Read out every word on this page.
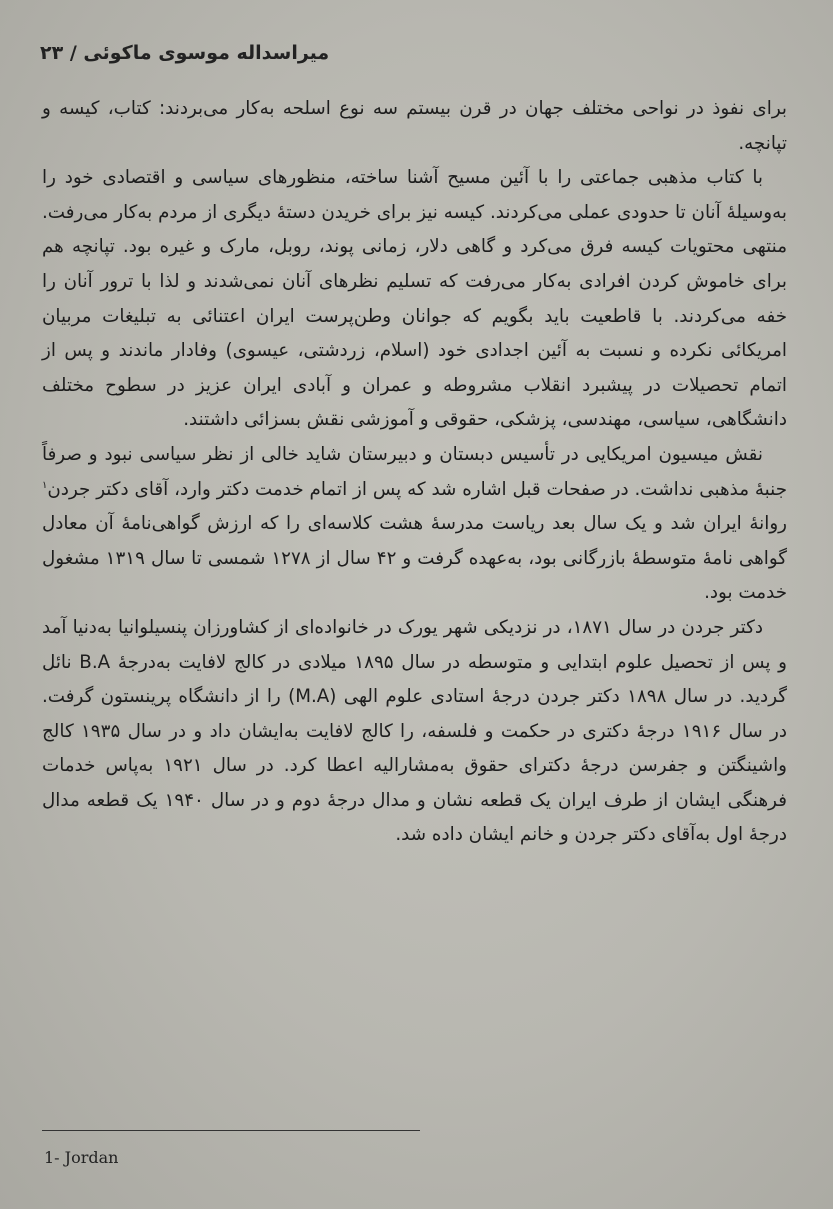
میراسداله موسوی ماکوئی / ۲۳

برای نفوذ در نواحی مختلف جهان در قرن بیستم سه نوع اسلحه به‌کار می‌بردند: کتاب، کیسه و تپانچه.

با کتاب مذهبی جماعتی را با آئین مسیح آشنا ساخته، منظورهای سیاسی و اقتصادی خود را به‌وسیلهٔ آنان تا حدودی عملی می‌کردند. کیسه نیز برای خریدن دستهٔ دیگری از مردم به‌کار می‌رفت. منتهی محتویات کیسه فرق می‌کرد و گاهی دلار، زمانی پوند، روبل، مارک و غیره بود. تپانچه هم برای خاموش کردن افرادی به‌کار می‌رفت که تسلیم نظرهای آنان نمی‌شدند و لذا با ترور آنان را خفه می‌کردند. با قاطعیت باید بگویم که جوانان وطن‌پرست ایران اعتنائی به تبلیغات مربیان امریکائی نکرده و نسبت به آئین اجدادی خود (اسلام، زردشتی، عیسوی) وفادار ماندند و پس از اتمام تحصیلات در پیشبرد انقلاب مشروطه و عمران و آبادی ایران عزیز در سطوح مختلف دانشگاهی، سیاسی، مهندسی، پزشکی، حقوقی و آموزشی نقش بسزائی داشتند.

نقش میسیون امریکایی در تأسیس دبستان و دبیرستان شاید خالی از نظر سیاسی نبود و صرفاً جنبهٔ مذهبی نداشت. در صفحات قبل اشاره شد که پس از اتمام خدمت دکتر وارد، آقای دکتر جردن$^۱$ روانهٔ ایران شد و یک سال بعد ریاست مدرسهٔ هشت کلاسه‌ای را که ارزش گواهی‌نامهٔ آن معادل گواهی نامهٔ متوسطهٔ بازرگانی بود، به‌عهده گرفت و ۴۲ سال از ۱۲۷۸ شمسی تا سال ۱۳۱۹ مشغول خدمت بود.

دکتر جردن در سال ۱۸۷۱، در نزدیکی شهر یورک در خانواده‌ای از کشاورزان پنسیلوانیا به‌دنیا آمد و پس از تحصیل علوم ابتدایی و متوسطه در سال ۱۸۹۵ میلادی در کالج لافایت به‌درجهٔ B.A نائل گردید. در سال ۱۸۹۸ دکتر جردن درجهٔ استادی علوم الهی (M.A) را از دانشگاه پرینستون گرفت. در سال ۱۹۱۶ درجهٔ دکتری در حکمت و فلسفه، را کالج لافایت به‌ایشان داد و در سال ۱۹۳۵ کالج واشینگتن و جفرسن درجهٔ دکترای حقوق به‌مشارالیه اعطا کرد. در سال ۱۹۲۱ به‌پاس خدمات فرهنگی ایشان از طرف ایران یک قطعه نشان و مدال درجهٔ دوم و در سال ۱۹۴۰ یک قطعه مدال درجهٔ اول به‌آقای دکتر جردن و خانم ایشان داده شد.

1- Jordan
